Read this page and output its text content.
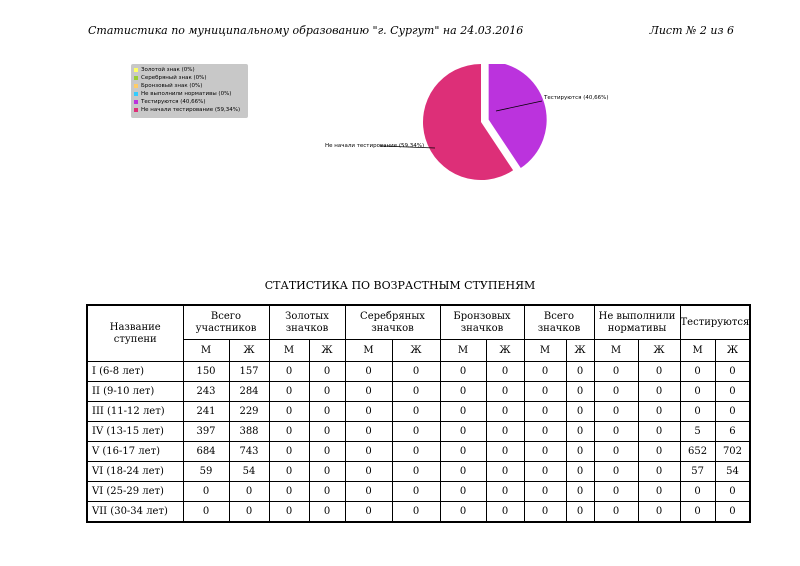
Статистика по муниципальному образованию "г. Сургут" на 24.03.2016	Лист № 2 из 6
Золотой знак (0%)
Серебряный знак (0%)
Бронзовый знак (0%)
Не выполнили нормативы (0%)
Тестируются (40,66%)
Не начали тестирование (59,34%)
Тестируются (40,66%)
Не начали тестирование (59,34%)
СТАТИСТИКА ПО ВОЗРАСТНЫМ СТУПЕНЯМ
Название ступени	Всего участников		Золотых значков		Серебряных значков		Бронзовых значков		Всего значков		Не выполнили нормативы		Тестируются	
	М	Ж	М	Ж	М	Ж	М	Ж	М	Ж	М	Ж	М	Ж
I (6-8 лет)	150	157	0	0	0	0	0	0	0	0	0	0	0	0
II (9-10 лет)	243	284	0	0	0	0	0	0	0	0	0	0	0	0
III (11-12 лет)	241	229	0	0	0	0	0	0	0	0	0	0	0	0
IV (13-15 лет)	397	388	0	0	0	0	0	0	0	0	0	0	5	6
V (16-17 лет)	684	743	0	0	0	0	0	0	0	0	0	0	652	702
VI (18-24 лет)	59	54	0	0	0	0	0	0	0	0	0	0	57	54
VI (25-29 лет)	0	0	0	0	0	0	0	0	0	0	0	0	0	0
VII (30-34 лет)	0	0	0	0	0	0	0	0	0	0	0	0	0	0
